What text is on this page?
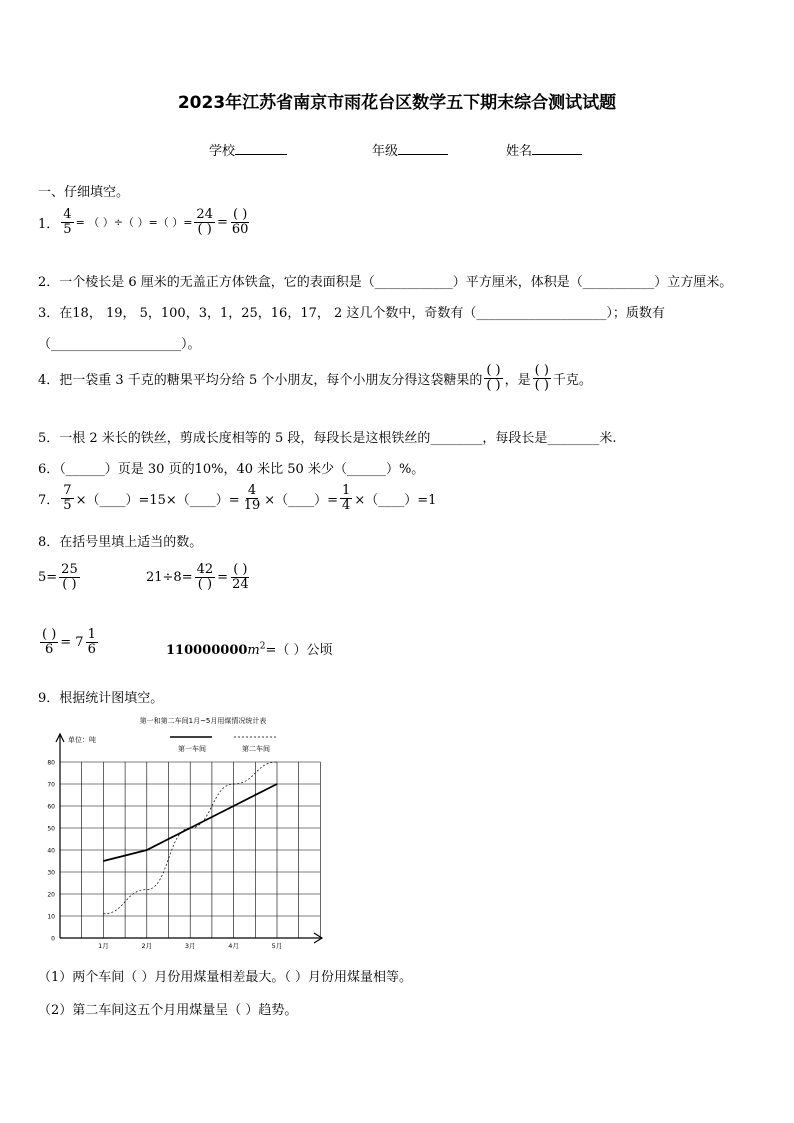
2023年江苏省南京市雨花台区数学五下期末综合测试试题
学校	年级	姓名
一、仔细填空。
1． $\frac{4}{5}$ = （ ）÷（ ）=（ ）= $\frac{24}{( )} = \frac{( )}{60}$
2．一个棱长是 6 厘米的无盖正方体铁盒，它的表面积是（____________）平方厘米，体积是（___________）立方厘米。
3．在18， 19， 5，100，3，1，25，16，17， 2 这几个数中，奇数有（____________________）；质数有
（____________________）。
4．把一袋重 3 千克的糖果平均分给 5 个小朋友，每个小朋友分得这袋糖果的 $\frac{( )}{( )}$ ，是 $\frac{( )}{( )}$ 千克。
5．一根 2 米长的铁丝，剪成长度相等的 5 段，每段长是这根铁丝的________，每段长是________米.
6．（______）页是 30 页的10%，40 米比 50 米少（______）%。
7． $\frac{7}{5}$ ×（____）=15×（____）= $\frac{4}{19}$ ×（____）= $\frac{1}{4}$ ×（____）=1
8．在括号里填上适当的数。
$5= \frac{25}{( )}$	$21\div 8= \frac{42}{( )} = \frac{( )}{24}$
$\frac{( )}{6} = 7 \frac{1}{6}$	$110000000m^2=$（ ）公顷
9．根据统计图填空。
第一和第二车间1月~5月用煤情况统计表
单位：吨
第一车间	第二车间
0
10
20
30
40
50
60
70
80
1月	2月	3月	4月	5月
（1）两个车间（ ）月份用煤量相差最大。（ ）月份用煤量相等。
（2）第二车间这五个月用煤量呈（ ）趋势。
